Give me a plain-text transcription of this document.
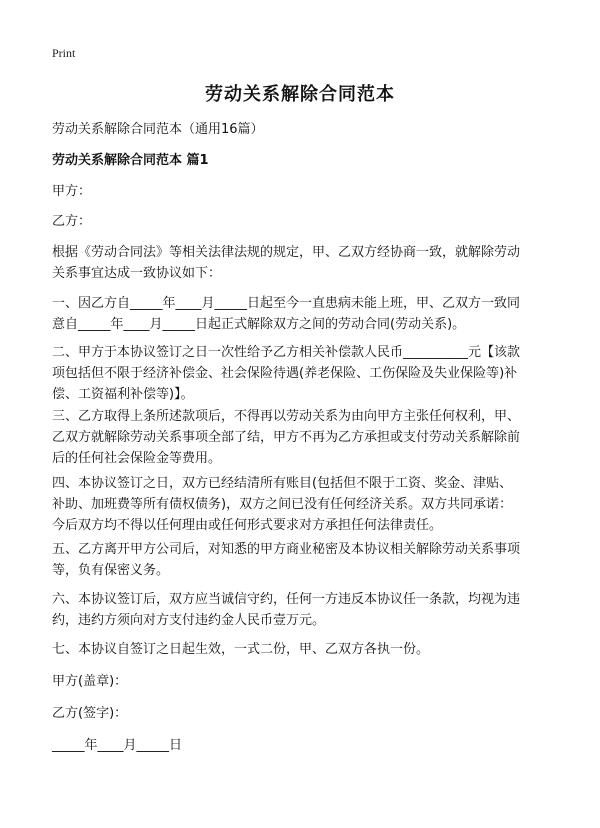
Print
劳动关系解除合同范本
劳动关系解除合同范本（通用16篇）
劳动关系解除合同范本 篇1
甲方：
乙方：
根据《劳动合同法》等相关法律法规的规定，甲、乙双方经协商一致，就解除劳动
关系事宜达成一致协议如下：
一、因乙方自_____年____月_____日起至今一直患病未能上班，甲、乙双方一致同
意自_____年____月_____日起正式解除双方之间的劳动合同(劳动关系)。
二、甲方于本协议签订之日一次性给予乙方相关补偿款人民币__________元【该款
项包括但不限于经济补偿金、社会保险待遇(养老保险、工伤保险及失业保险等)补
偿、工资福利补偿等)】。
三、乙方取得上条所述款项后，不得再以劳动关系为由向甲方主张任何权利，甲、
乙双方就解除劳动关系事项全部了结，甲方不再为乙方承担或支付劳动关系解除前
后的任何社会保险金等费用。
四、本协议签订之日，双方已经结清所有账目(包括但不限于工资、奖金、津贴、
补助、加班费等所有债权债务)，双方之间已没有任何经济关系。双方共同承诺：
今后双方均不得以任何理由或任何形式要求对方承担任何法律责任。
五、乙方离开甲方公司后，对知悉的甲方商业秘密及本协议相关解除劳动关系事项
等，负有保密义务。
六、本协议签订后，双方应当诚信守约，任何一方违反本协议任一条款，均视为违
约，违约方须向对方支付违约金人民币壹万元。
七、本协议自签订之日起生效，一式二份，甲、乙双方各执一份。
甲方(盖章)：
乙方(签字)：
_____年____月_____日
